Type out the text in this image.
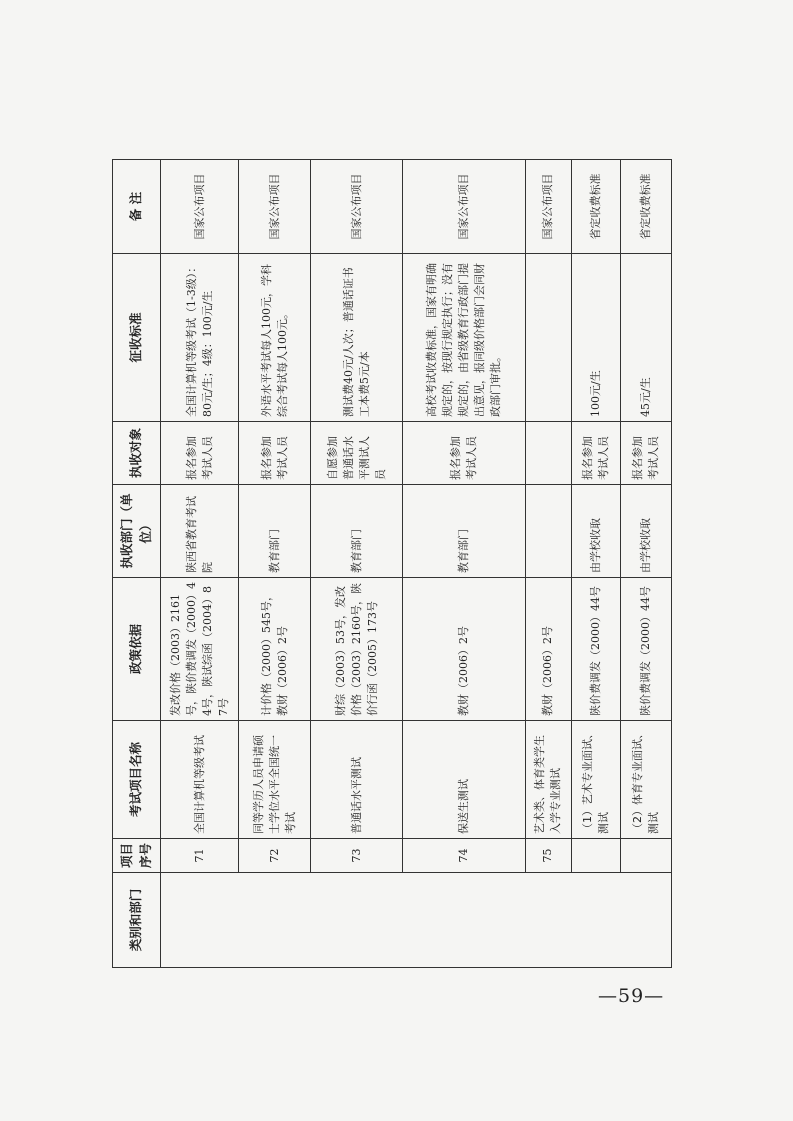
类别和部门	项目序号	考试项目名称	政策依据	执收部门（单位）	执收对象	征收标准	备 注
	71	全国计算机等级考试	发改价格（2003）2161号，陕价费调发（2000）44号，陕试综函（2004）87号	陕西省教育考试院	报名参加考试人员	全国计算机等级考试（1-3级）：80元/生；4级：100元/生	国家公布项目
	72	同等学历人员申请硕士学位水平全国统一考试	计价格（2000）545号，教财（2006）2号	教育部门	报名参加考试人员	外语水平考试每人100元，学科综合考试每人100元。	国家公布项目
	73	普通话水平测试	财综（2003）53号，发改价格（2003）2160号，陕价行函（2005）173号	教育部门	自愿参加普通话水平测试人员	测试费40元/人次；普通话证书工本费5元/本	国家公布项目
	74	保送生测试	教财（2006）2号	教育部门	报名参加考试人员	高校考试收费标准，国家有明确规定的，按现行规定执行；没有规定的，由省级教育行政部门提出意见，报同级价格部门会同财政部门审批。	国家公布项目
	75	艺术类、体育类学生入学专业测试	教财（2006）2号				国家公布项目
		（1）艺术专业面试、测试	陕价费调发（2000）44号	由学校收取	报名参加考试人员	100元/生	省定收费标准
		（2）体育专业面试、测试	陕价费调发（2000）44号	由学校收取	报名参加考试人员	45元/生	省定收费标准
—59—
